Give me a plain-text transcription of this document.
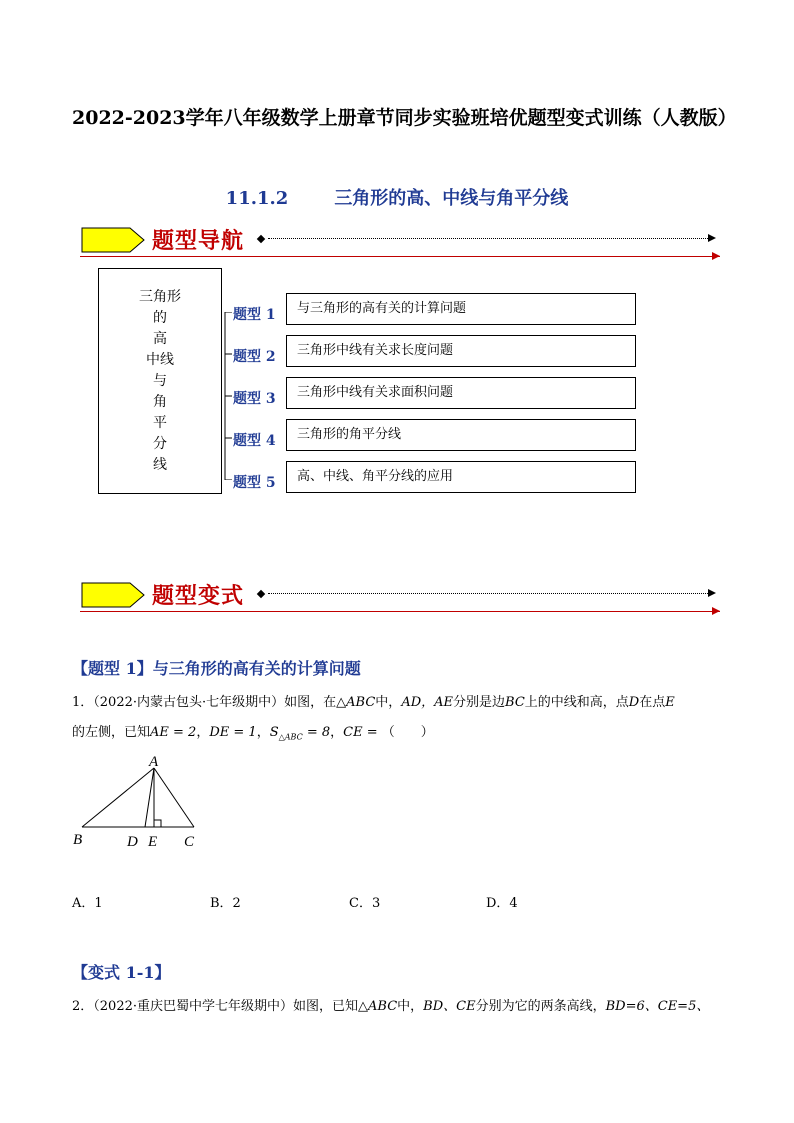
2022-2023学年八年级数学上册章节同步实验班培优题型变式训练（人教版）
11.1.2	三角形的高、中线与角平分线
题型导航
三角形
的
高
中线
与
角
平
分
线
题型 1	与三角形的高有关的计算问题
题型 2	三角形中线有关求长度问题
题型 3	三角形中线有关求面积问题
题型 4	三角形的角平分线
题型 5	高、中线、角平分线的应用
题型变式
【题型 1】与三角形的高有关的计算问题
1．（2022·内蒙古包头·七年级期中）如图，在△ABC中，AD，AE分别是边BC上的中线和高，点D在点E
的左侧，已知AE = 2，DE = 1，$S_{\triangle ABC} = 8$，CE = （　　）
A
B	C
D E
A．1	B．2	C．3	D．4
【变式 1-1】
2．（2022·重庆巴蜀中学七年级期中）如图，已知△ABC中，BD、CE分别为它的两条高线，BD=6、CE=5、
